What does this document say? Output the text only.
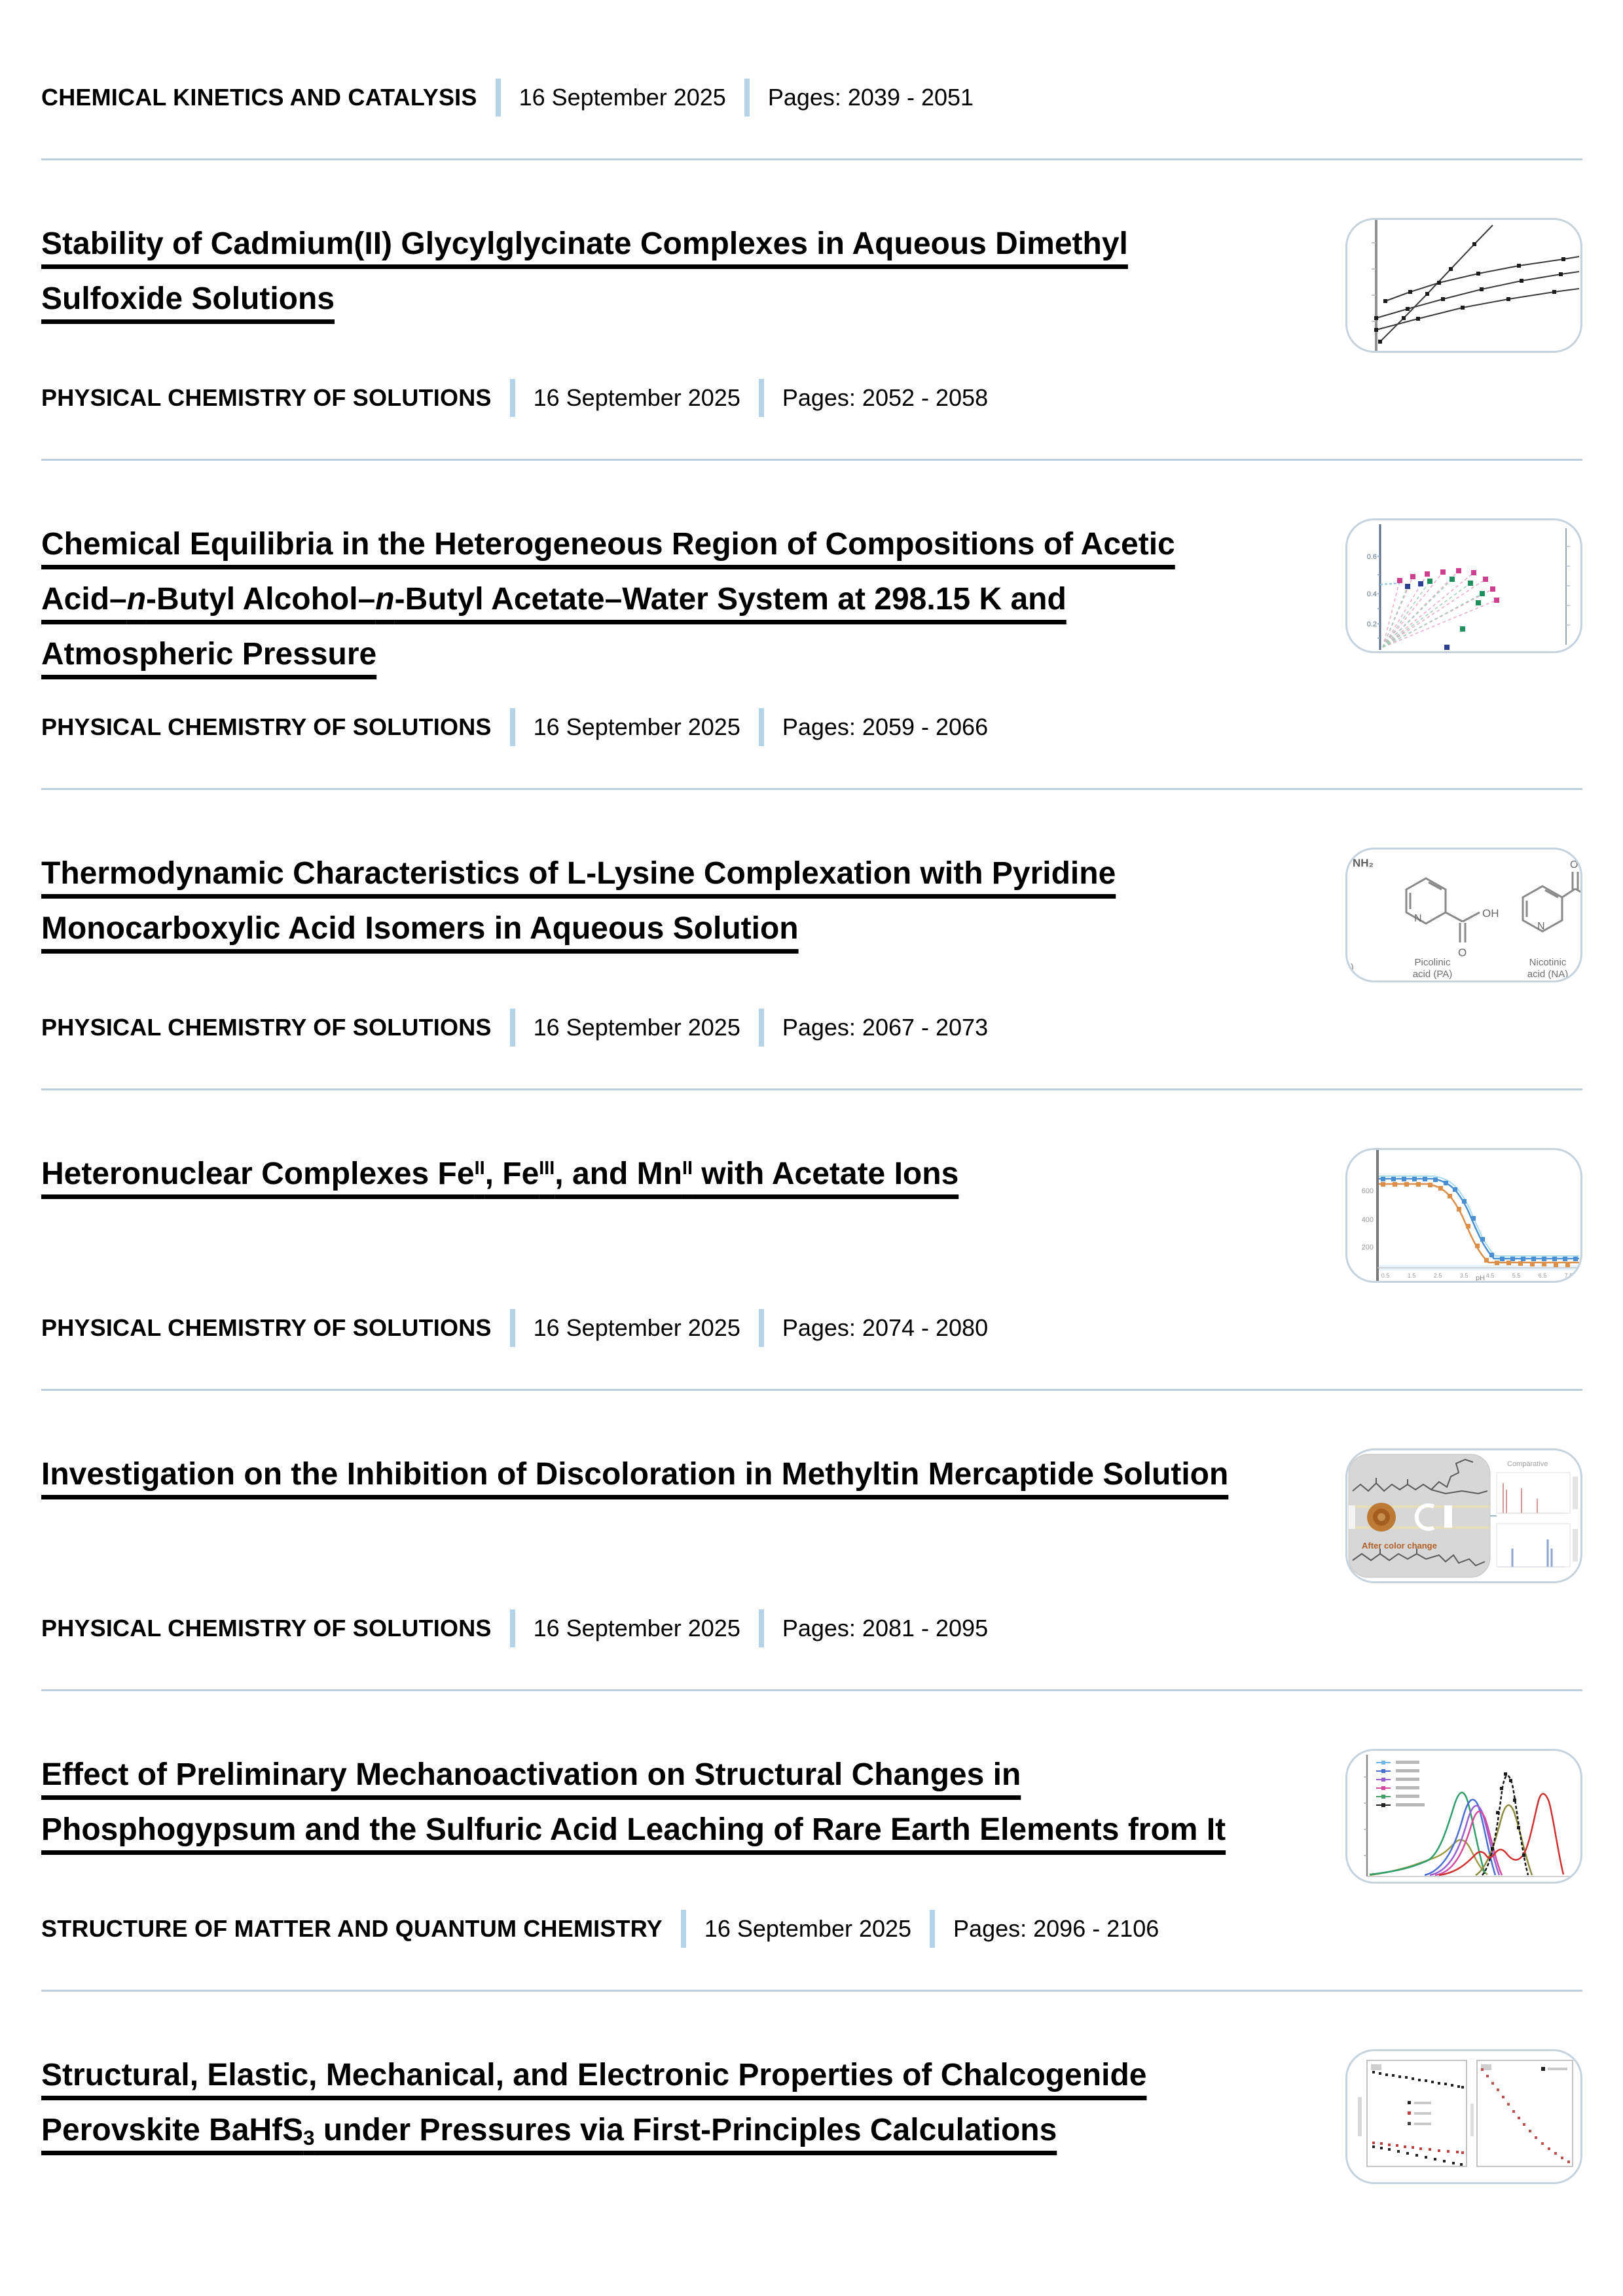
CHEMICAL KINETICS AND CATALYSIS 16 September 2025 Pages: 2039 - 2051
Stability of Cadmium(II) Glycylglycinate Complexes in Aqueous Dimethyl Sulfoxide Solutions
PHYSICAL CHEMISTRY OF SOLUTIONS 16 September 2025 Pages: 2052 - 2058
Chemical Equilibria in the Heterogeneous Region of Compositions of Acetic Acid–n-Butyl Alcohol–n-Butyl Acetate–Water System at 298.15 K and Atmospheric Pressure
0.6
0.4
0.2
PHYSICAL CHEMISTRY OF SOLUTIONS 16 September 2025 Pages: 2059 - 2066
Thermodynamic Characteristics of L-Lysine Complexation with Pyridine Monocarboxylic Acid Isomers in Aqueous Solution
NH₂
)
N	OH
O
Picolinic
acid (PA)
N
O
Nicotinic
acid (NA)
PHYSICAL CHEMISTRY OF SOLUTIONS 16 September 2025 Pages: 2067 - 2073
Heteronuclear Complexes $Fe^{II}$, $Fe^{III}$, and $Mn^{II}$ with Acetate Ions	600
400
200
0.5	1.5	2.5	3.5	4.5	5.5	6.5	7.5
pH
PHYSICAL CHEMISTRY OF SOLUTIONS 16 September 2025 Pages: 2074 - 2080
Investigation on the Inhibition of Discoloration in Methyltin Mercaptide Solution
After color change
Comparative
PHYSICAL CHEMISTRY OF SOLUTIONS 16 September 2025 Pages: 2081 - 2095
Effect of Preliminary Mechanoactivation on Structural Changes in Phosphogypsum and the Sulfuric Acid Leaching of Rare Earth Elements from It
STRUCTURE OF MATTER AND QUANTUM CHEMISTRY 16 September 2025 Pages: 2096 - 2106
Structural, Elastic, Mechanical, and Electronic Properties of Chalcogenide Perovskite BaHfS3 under Pressures via First-Principles Calculations
